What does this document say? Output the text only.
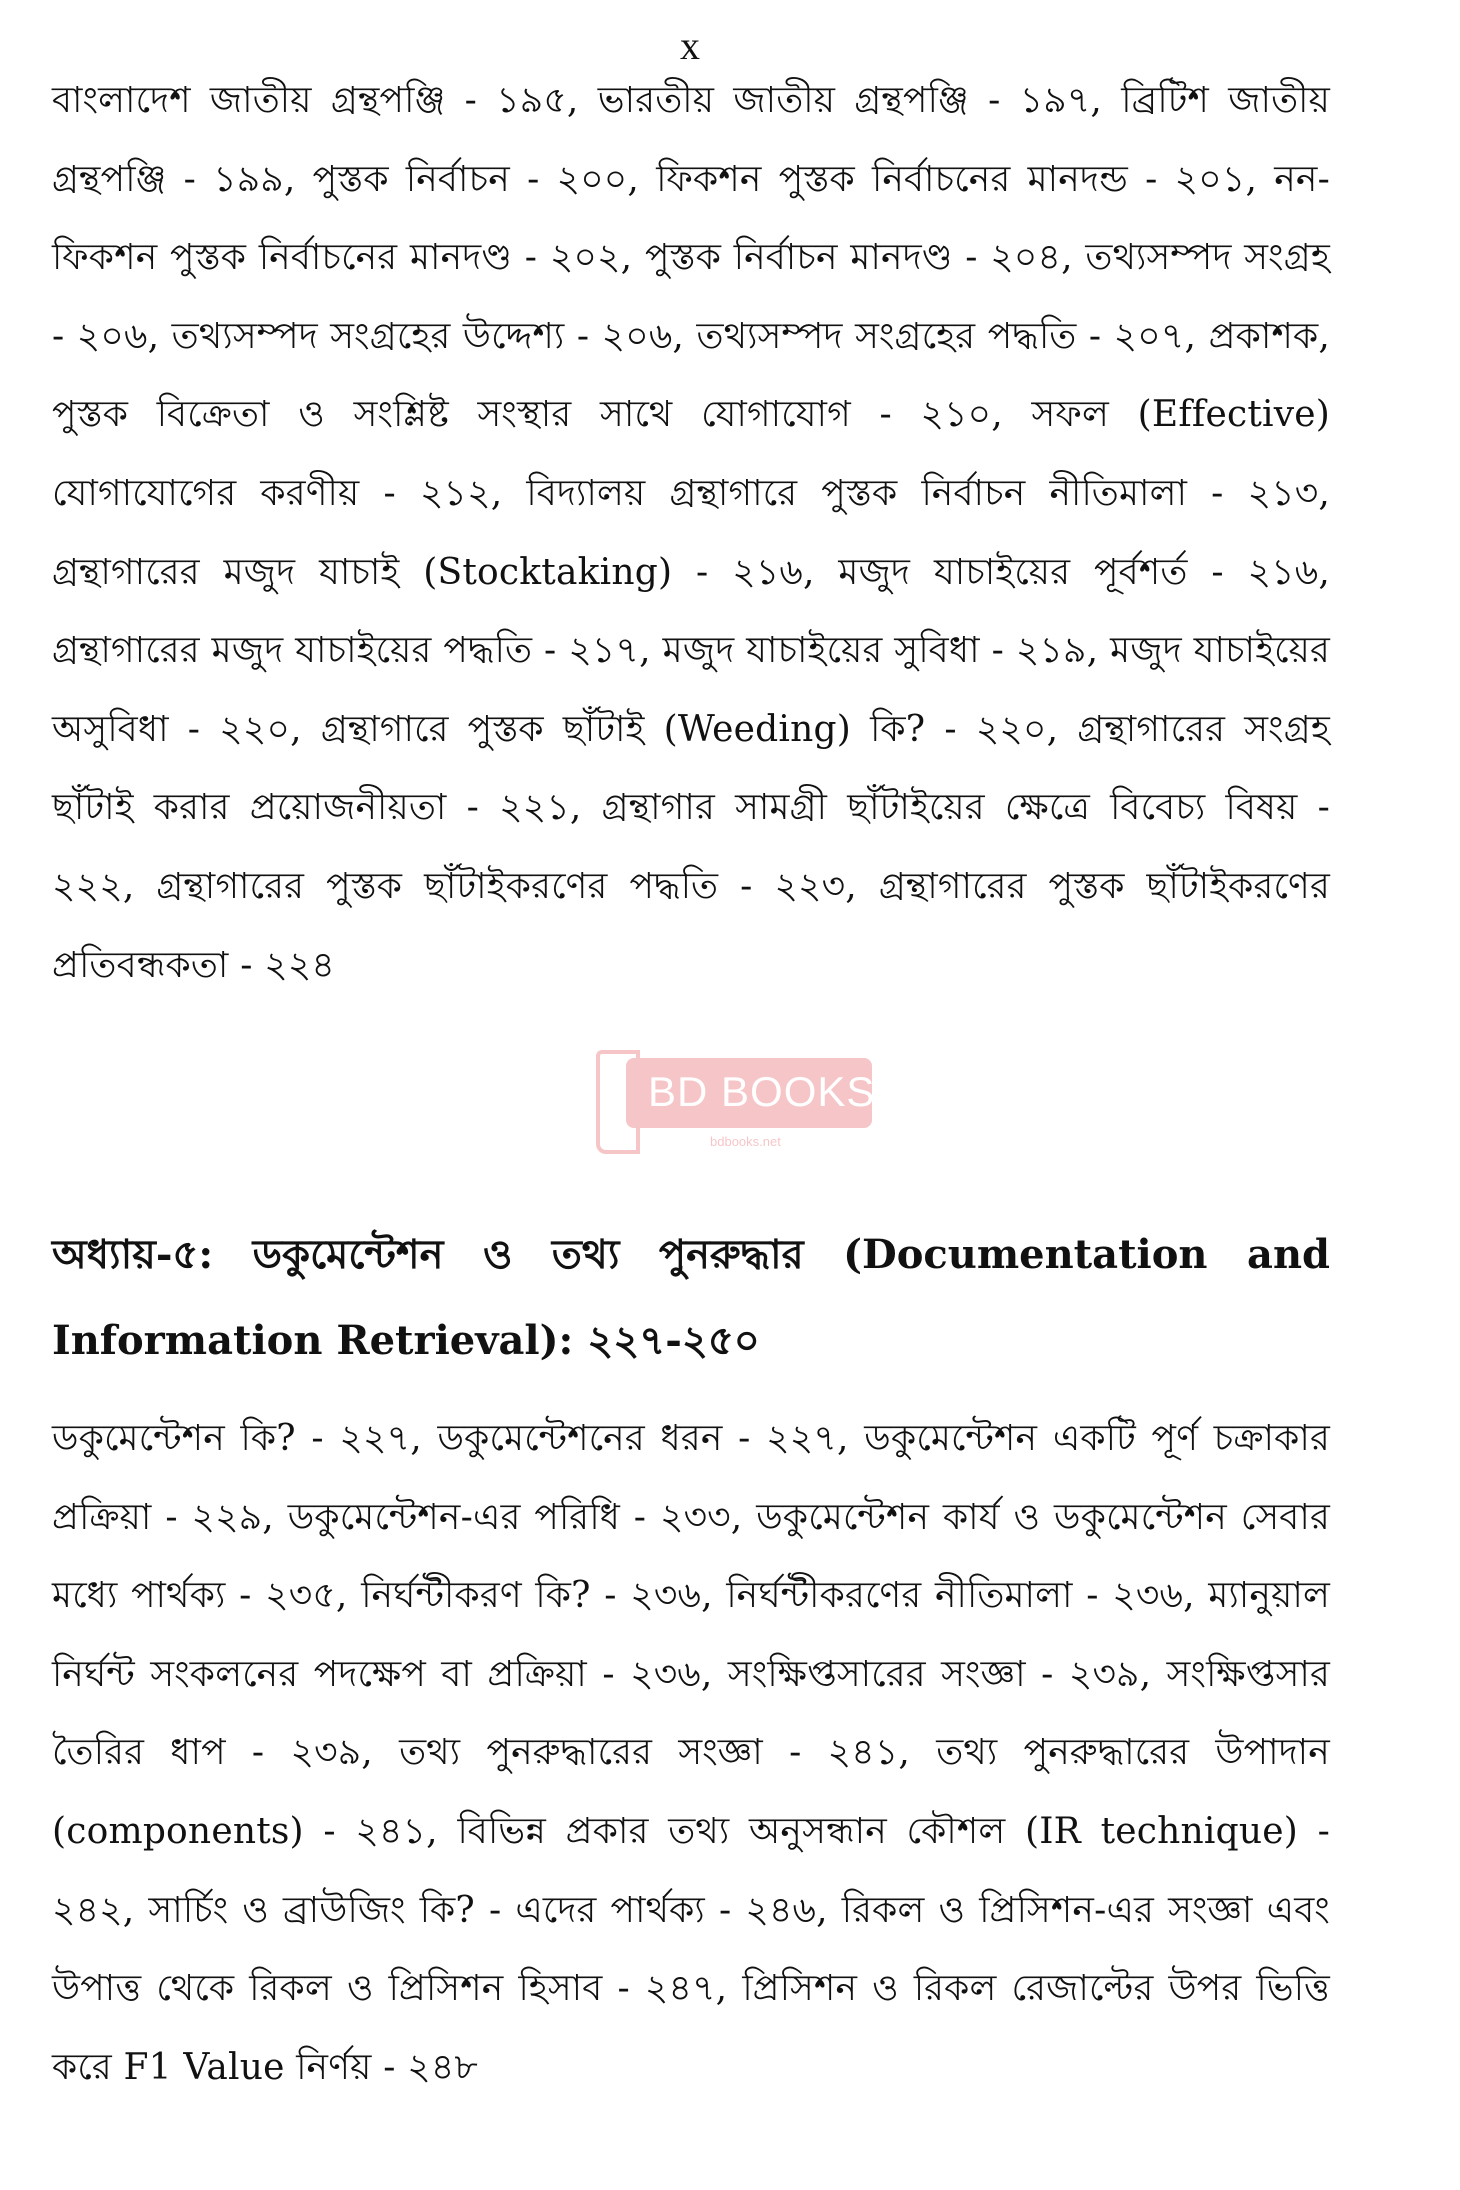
x

বাংলাদেশ জাতীয় গ্রন্থপঞ্জি - ১৯৫, ভারতীয় জাতীয় গ্রন্থপঞ্জি - ১৯৭, ব্রিটিশ জাতীয় গ্রন্থপঞ্জি - ১৯৯, পুস্তক নির্বাচন - ২০০, ফিকশন পুস্তক নির্বাচনের মানদন্ড - ২০১, নন-ফিকশন পুস্তক নির্বাচনের মানদণ্ড - ২০২, পুস্তক নির্বাচন মানদণ্ড - ২০৪, তথ্যসম্পদ সংগ্রহ - ২০৬, তথ্যসম্পদ সংগ্রহের উদ্দেশ্য - ২০৬, তথ্যসম্পদ সংগ্রহের পদ্ধতি - ২০৭, প্রকাশক, পুস্তক বিক্রেতা ও সংশ্লিষ্ট সংস্থার সাথে যোগাযোগ - ২১০, সফল (Effective) যোগাযোগের করণীয় - ২১২, বিদ্যালয় গ্রন্থাগারে পুস্তক নির্বাচন নীতিমালা - ২১৩, গ্রন্থাগারের মজুদ যাচাই (Stocktaking) - ২১৬, মজুদ যাচাইয়ের পূর্বশর্ত - ২১৬, গ্রন্থাগারের মজুদ যাচাইয়ের পদ্ধতি - ২১৭, মজুদ যাচাইয়ের সুবিধা - ২১৯, মজুদ যাচাইয়ের অসুবিধা - ২২০, গ্রন্থাগারে পুস্তক ছাঁটাই (Weeding) কি? - ২২০, গ্রন্থাগারের সংগ্রহ ছাঁটাই করার প্রয়োজনীয়তা - ২২১, গ্রন্থাগার সামগ্রী ছাঁটাইয়ের ক্ষেত্রে বিবেচ্য বিষয় - ২২২, গ্রন্থাগারের পুস্তক ছাঁটাইকরণের পদ্ধতি - ২২৩, গ্রন্থাগারের পুস্তক ছাঁটাইকরণের প্রতিবন্ধকতা - ২২৪

BD BOOKS
bdbooks.net
অধ্যায়-৫: ডকুমেন্টেশন ও তথ্য পুনরুদ্ধার (Documentation and Information Retrieval): ২২৭-২৫০

ডকুমেন্টেশন কি? - ২২৭, ডকুমেন্টেশনের ধরন - ২২৭, ডকুমেন্টেশন একটি পূর্ণ চক্রাকার প্রক্রিয়া - ২২৯, ডকুমেন্টেশন-এর পরিধি - ২৩৩, ডকুমেন্টেশন কার্য ও ডকুমেন্টেশন সেবার মধ্যে পার্থক্য - ২৩৫, নির্ঘন্টীকরণ কি? - ২৩৬, নির্ঘন্টীকরণের নীতিমালা - ২৩৬, ম্যানুয়াল নির্ঘন্ট সংকলনের পদক্ষেপ বা প্রক্রিয়া - ২৩৬, সংক্ষিপ্তসারের সংজ্ঞা - ২৩৯, সংক্ষিপ্তসার তৈরির ধাপ - ২৩৯, তথ্য পুনরুদ্ধারের সংজ্ঞা - ২৪১, তথ্য পুনরুদ্ধারের উপাদান (components) - ২৪১, বিভিন্ন প্রকার তথ্য অনুসন্ধান কৌশল (IR technique) - ২৪২, সার্চিং ও ব্রাউজিং কি? - এদের পার্থক্য - ২৪৬, রিকল ও প্রিসিশন-এর সংজ্ঞা এবং উপাত্ত থেকে রিকল ও প্রিসিশন হিসাব - ২৪৭, প্রিসিশন ও রিকল রেজাল্টের উপর ভিত্তি করে F1 Value নির্ণয় - ২৪৮
